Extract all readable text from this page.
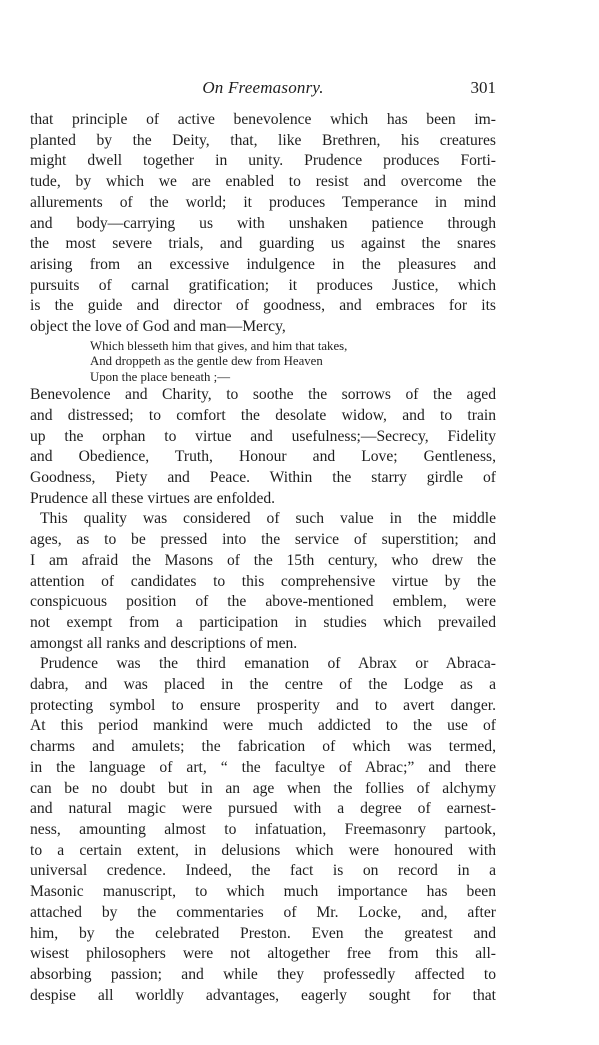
On Freemasonry.	301
that principle of active benevolence which has been im-
planted by the Deity, that, like Brethren, his creatures
might dwell together in unity. Prudence produces Forti-
tude, by which we are enabled to resist and overcome the
allurements of the world; it produces Temperance in mind
and body—carrying us with unshaken patience through
the most severe trials, and guarding us against the snares
arising from an excessive indulgence in the pleasures and
pursuits of carnal gratification; it produces Justice, which
is the guide and director of goodness, and embraces for its
object the love of God and man—Mercy,
Which blesseth him that gives, and him that takes,
And droppeth as the gentle dew from Heaven
Upon the place beneath ;—
Benevolence and Charity, to soothe the sorrows of the aged
and distressed; to comfort the desolate widow, and to train
up the orphan to virtue and usefulness;—Secrecy, Fidelity
and Obedience, Truth, Honour and Love; Gentleness,
Goodness, Piety and Peace. Within the starry girdle of
Prudence all these virtues are enfolded.
This quality was considered of such value in the middle
ages, as to be pressed into the service of superstition; and
I am afraid the Masons of the 15th century, who drew the
attention of candidates to this comprehensive virtue by the
conspicuous position of the above-mentioned emblem, were
not exempt from a participation in studies which prevailed
amongst all ranks and descriptions of men.
Prudence was the third emanation of Abrax or Abraca-
dabra, and was placed in the centre of the Lodge as a
protecting symbol to ensure prosperity and to avert danger.
At this period mankind were much addicted to the use of
charms and amulets; the fabrication of which was termed,
in the language of art, “ the facultye of Abrac;” and there
can be no doubt but in an age when the follies of alchymy
and natural magic were pursued with a degree of earnest-
ness, amounting almost to infatuation, Freemasonry partook,
to a certain extent, in delusions which were honoured with
universal credence. Indeed, the fact is on record in a
Masonic manuscript, to which much importance has been
attached by the commentaries of Mr. Locke, and, after
him, by the celebrated Preston. Even the greatest and
wisest philosophers were not altogether free from this all-
absorbing passion; and while they professedly affected to
despise all worldly advantages, eagerly sought for that
